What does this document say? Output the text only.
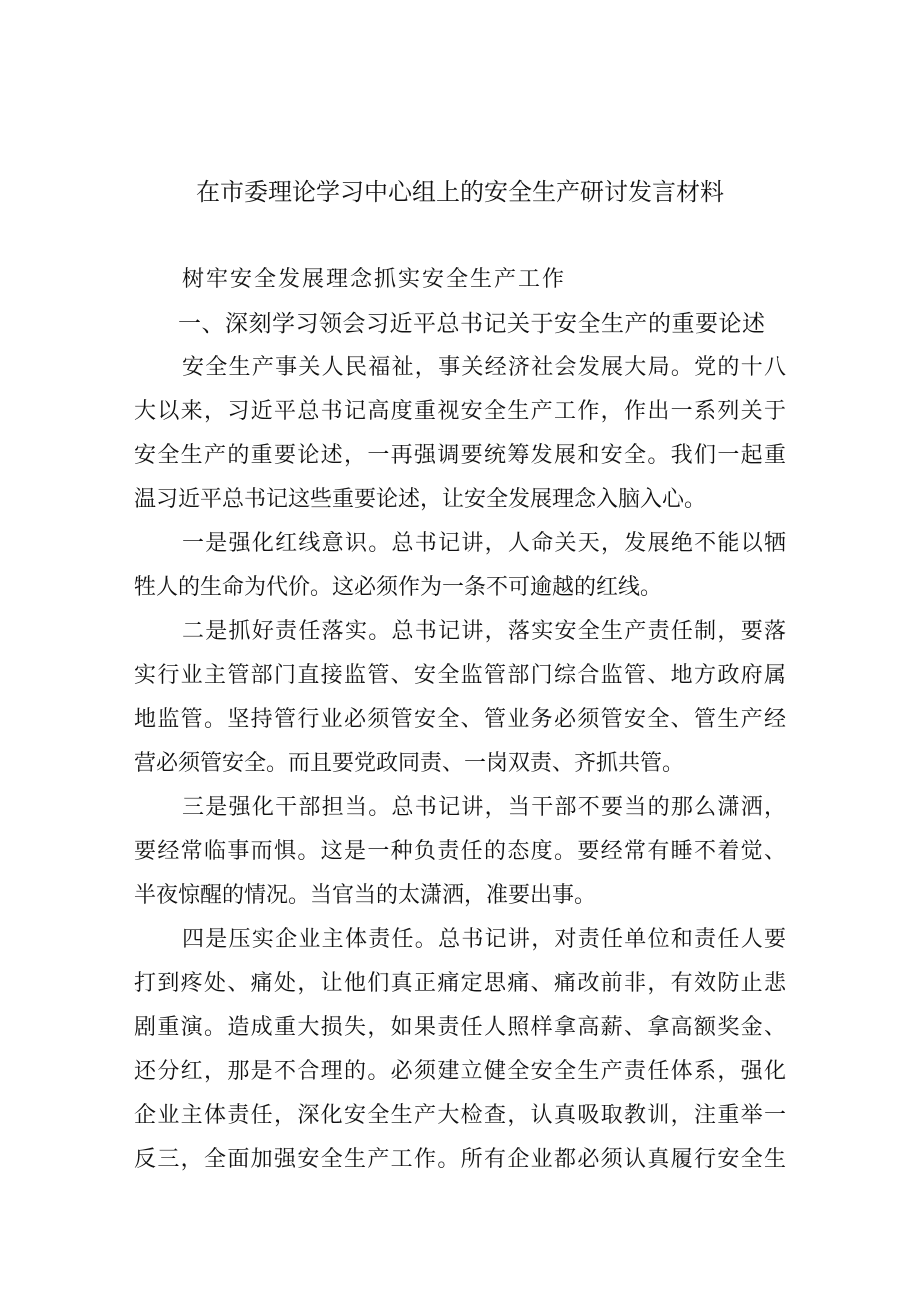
在市委理论学习中心组上的安全生产研讨发言材料
树牢安全发展理念抓实安全生产工作
一、深刻学习领会习近平总书记关于安全生产的重要论述
安全生产事关人民福祉，事关经济社会发展大局。党的十八
大以来，习近平总书记高度重视安全生产工作，作出一系列关于
安全生产的重要论述，一再强调要统筹发展和安全。我们一起重
温习近平总书记这些重要论述，让安全发展理念入脑入心。
一是强化红线意识。总书记讲，人命关天，发展绝不能以牺
牲人的生命为代价。这必须作为一条不可逾越的红线。
二是抓好责任落实。总书记讲，落实安全生产责任制，要落
实行业主管部门直接监管、安全监管部门综合监管、地方政府属
地监管。坚持管行业必须管安全、管业务必须管安全、管生产经
营必须管安全。而且要党政同责、一岗双责、齐抓共管。
三是强化干部担当。总书记讲，当干部不要当的那么潇洒，
要经常临事而惧。这是一种负责任的态度。要经常有睡不着觉、
半夜惊醒的情况。当官当的太潇洒，准要出事。
四是压实企业主体责任。总书记讲，对责任单位和责任人要
打到疼处、痛处，让他们真正痛定思痛、痛改前非，有效防止悲
剧重演。造成重大损失，如果责任人照样拿高薪、拿高额奖金、
还分红，那是不合理的。必须建立健全安全生产责任体系，强化
企业主体责任，深化安全生产大检查，认真吸取教训，注重举一
反三，全面加强安全生产工作。所有企业都必须认真履行安全生
